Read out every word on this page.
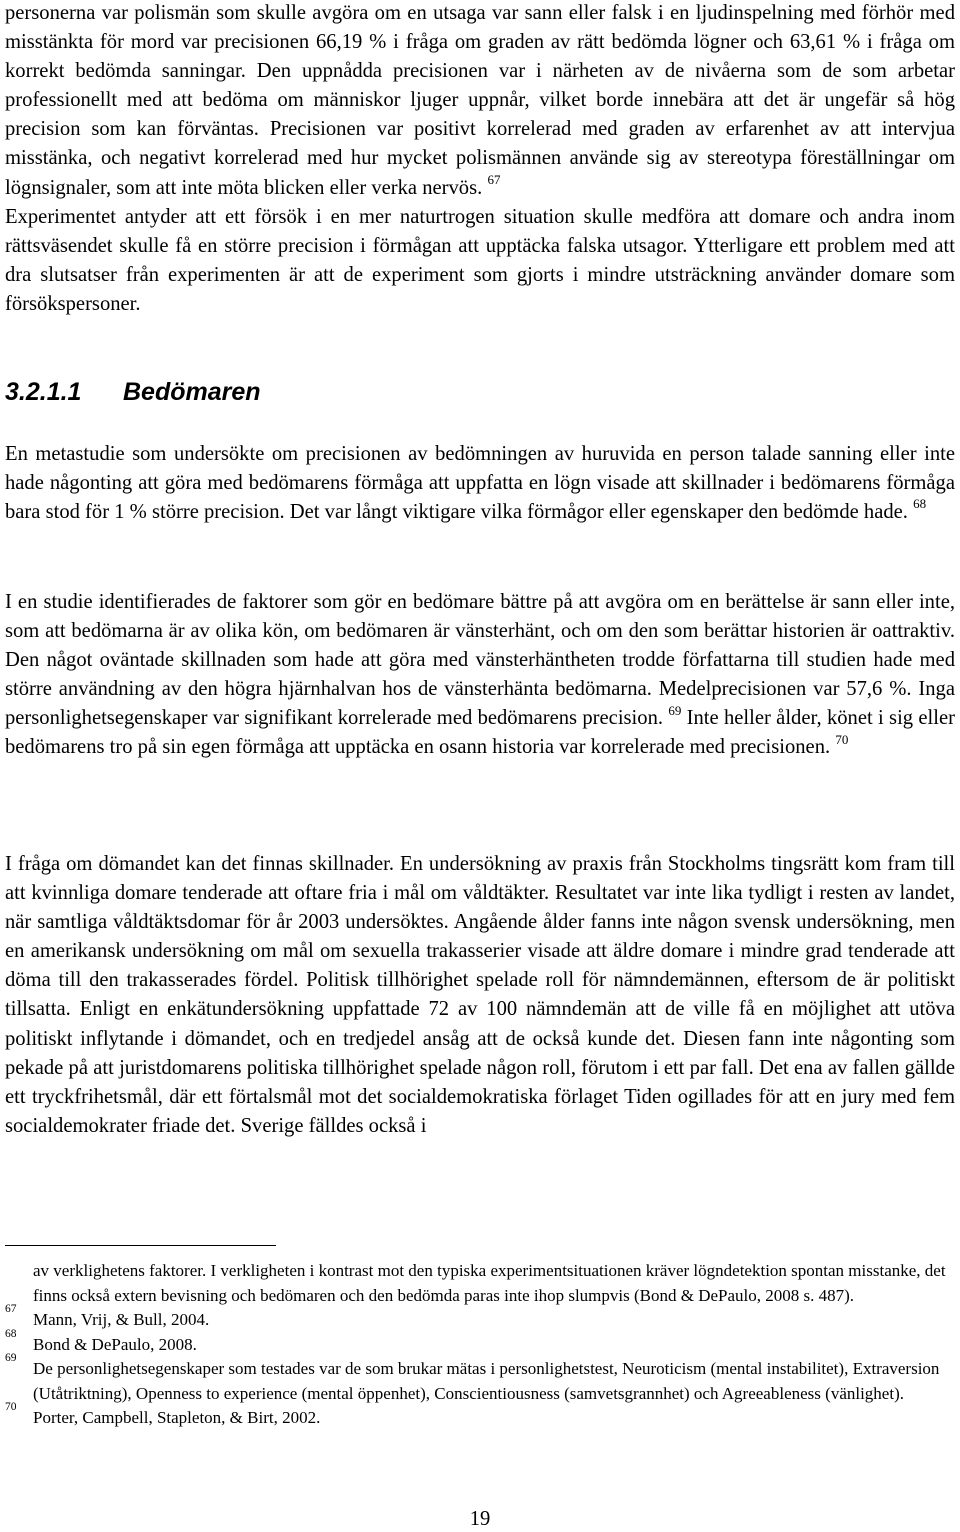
personerna var polismän som skulle avgöra om en utsaga var sann eller falsk i en ljudinspelning med förhör med misstänkta för mord var precisionen 66,19 % i fråga om graden av rätt bedömda lögner och 63,61 % i fråga om korrekt bedömda sanningar. Den uppnådda precisionen var i närheten av de nivåerna som de som arbetar professionellt med att bedöma om människor ljuger uppnår, vilket borde innebära att det är ungefär så hög precision som kan förväntas. Precisionen var positivt korrelerad med graden av erfarenhet av att intervjua misstänka, och negativt korrelerad med hur mycket polismännen använde sig av stereotypa föreställningar om lögnsignaler, som att inte möta blicken eller verka nervös. $^{67}$
Experimentet antyder att ett försök i en mer naturtrogen situation skulle medföra att domare och andra inom rättsväsendet skulle få en större precision i förmågan att upptäcka falska utsagor. Ytterligare ett problem med att dra slutsatser från experimenten är att de experiment som gjorts i mindre utsträckning använder domare som försökspersoner.

3.2.1.1 Bedömaren

En metastudie som undersökte om precisionen av bedömningen av huruvida en person talade sanning eller inte hade någonting att göra med bedömarens förmåga att uppfatta en lögn visade att skillnader i bedömarens förmåga bara stod för 1 % större precision. Det var långt viktigare vilka förmågor eller egenskaper den bedömde hade. $^{68}$

I en studie identifierades de faktorer som gör en bedömare bättre på att avgöra om en berättelse är sann eller inte, som att bedömarna är av olika kön, om bedömaren är vänsterhänt, och om den som berättar historien är oattraktiv. Den något oväntade skillnaden som hade att göra med vänsterhäntheten trodde författarna till studien hade med större användning av den högra hjärnhalvan hos de vänsterhänta bedömarna. Medelprecisionen var 57,6 %. Inga personlighetsegenskaper var signifikant korrelerade med bedömarens precision. $^{69}$ Inte heller ålder, könet i sig eller bedömarens tro på sin egen förmåga att upptäcka en osann historia var korrelerade med precisionen. $^{70}$

I fråga om dömandet kan det finnas skillnader. En undersökning av praxis från Stockholms tingsrätt kom fram till att kvinnliga domare tenderade att oftare fria i mål om våldtäkter. Resultatet var inte lika tydligt i resten av landet, när samtliga våldtäktsdomar för år 2003 undersöktes. Angående ålder fanns inte någon svensk undersökning, men en amerikansk undersökning om mål om sexuella trakasserier visade att äldre domare i mindre grad tenderade att döma till den trakasserades fördel. Politisk tillhörighet spelade roll för nämndemännen, eftersom de är politiskt tillsatta. Enligt en enkätundersökning uppfattade 72 av 100 nämndemän att de ville få en möjlighet att utöva politiskt inflytande i dömandet, och en tredjedel ansåg att de också kunde det. Diesen fann inte någonting som pekade på att juristdomarens politiska tillhörighet spelade någon roll, förutom i ett par fall. Det ena av fallen gällde ett tryckfrihetsmål, där ett förtalsmål mot det socialdemokratiska förlaget Tiden ogillades för att en jury med fem socialdemokrater friade det. Sverige fälldes också i

av verklighetens faktorer. I verkligheten i kontrast mot den typiska experimentsituationen kräver lögndetektion spontan misstanke, det finns också extern bevisning och bedömaren och den bedömda paras inte ihop slumpvis (Bond & DePaulo, 2008 s. 487).

67
Mann, Vrij, & Bull, 2004.

68
Bond & DePaulo, 2008.

69
De personlighetsegenskaper som testades var de som brukar mätas i personlighetstest, Neuroticism (mental instabilitet), Extraversion (Utåtriktning), Openness to experience (mental öppenhet), Conscientiousness (samvetsgrannhet) och Agreeableness (vänlighet).

70
Porter, Campbell, Stapleton, & Birt, 2002.

19
